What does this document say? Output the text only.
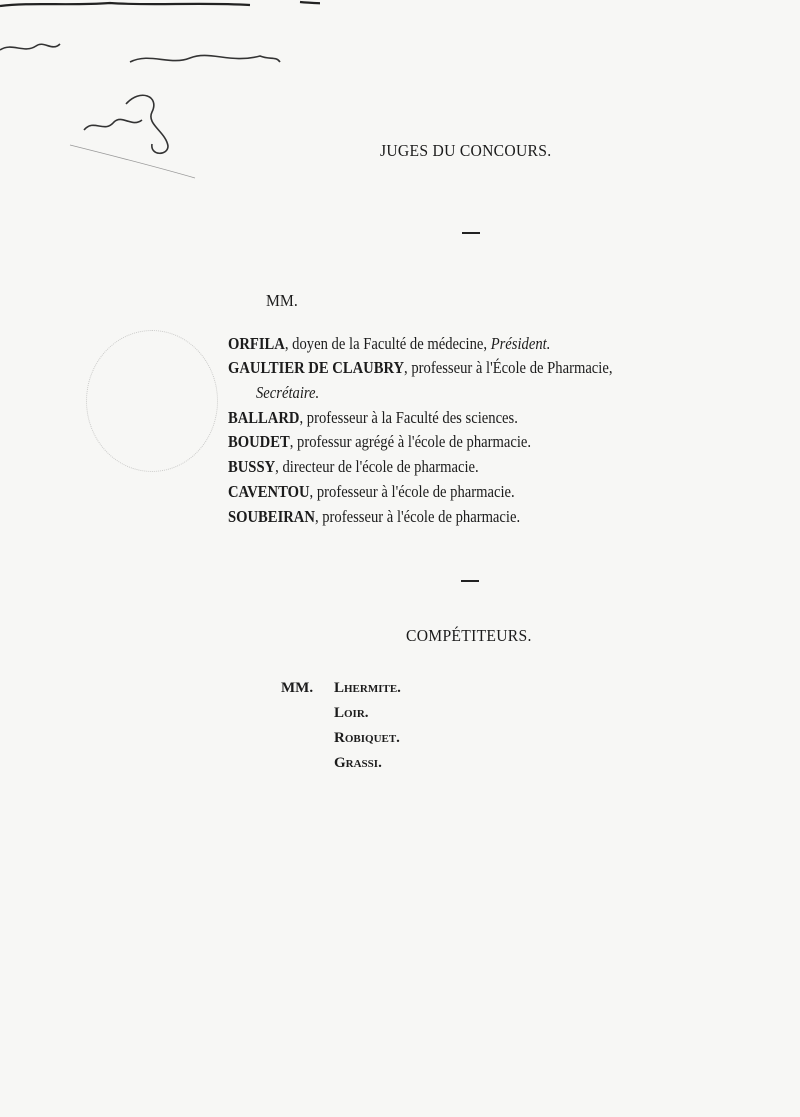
JUGES DU CONCOURS.
MM.
ORFILA, doyen de la Faculté de médecine, Président.
GAULTIER DE CLAUBRY, professeur à l'École de Pharmacie,
Secrétaire.
BALLARD, professeur à la Faculté des sciences.
BOUDET, professur agrégé à l'école de pharmacie.
BUSSY, directeur de l'école de pharmacie.
CAVENTOU, professeur à l'école de pharmacie.
SOUBEIRAN, professeur à l'école de pharmacie.
COMPÉTITEURS.
MM. Lhermite.
Loir.
Robiquet.
Grassi.
